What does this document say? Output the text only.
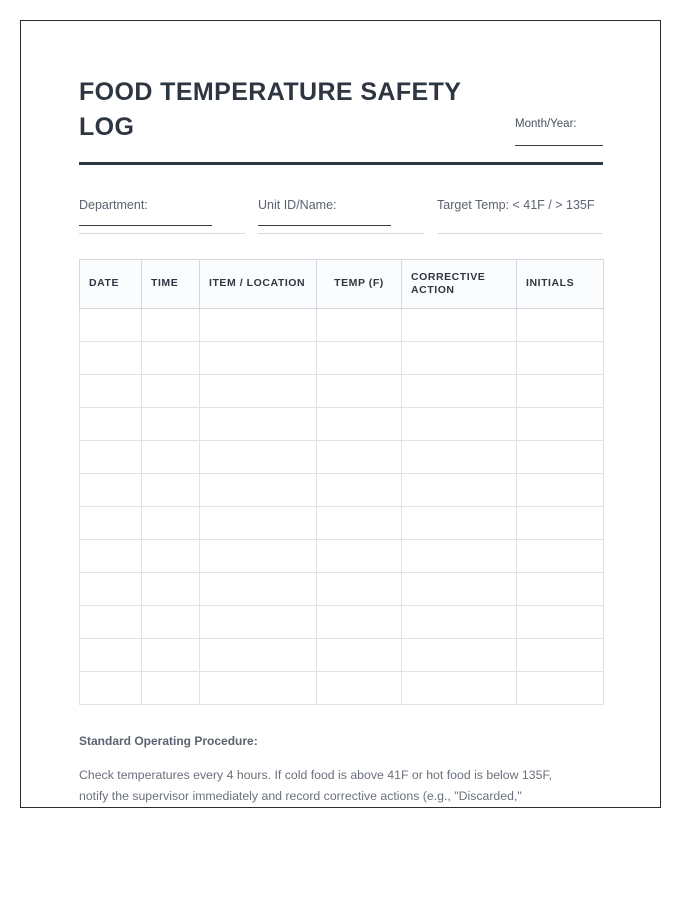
FOOD TEMPERATURE SAFETY LOG	Month/Year:
Department:	Unit ID/Name:	Target Temp: < 41F / > 135F
DATE	TIME	ITEM / LOCATION	TEMP (F)	CORRECTIVE ACTION	INITIALS

Standard Operating Procedure:
Check temperatures every 4 hours. If cold food is above 41F or hot food is below 135F, notify the supervisor immediately and record corrective actions (e.g., "Discarded,"
